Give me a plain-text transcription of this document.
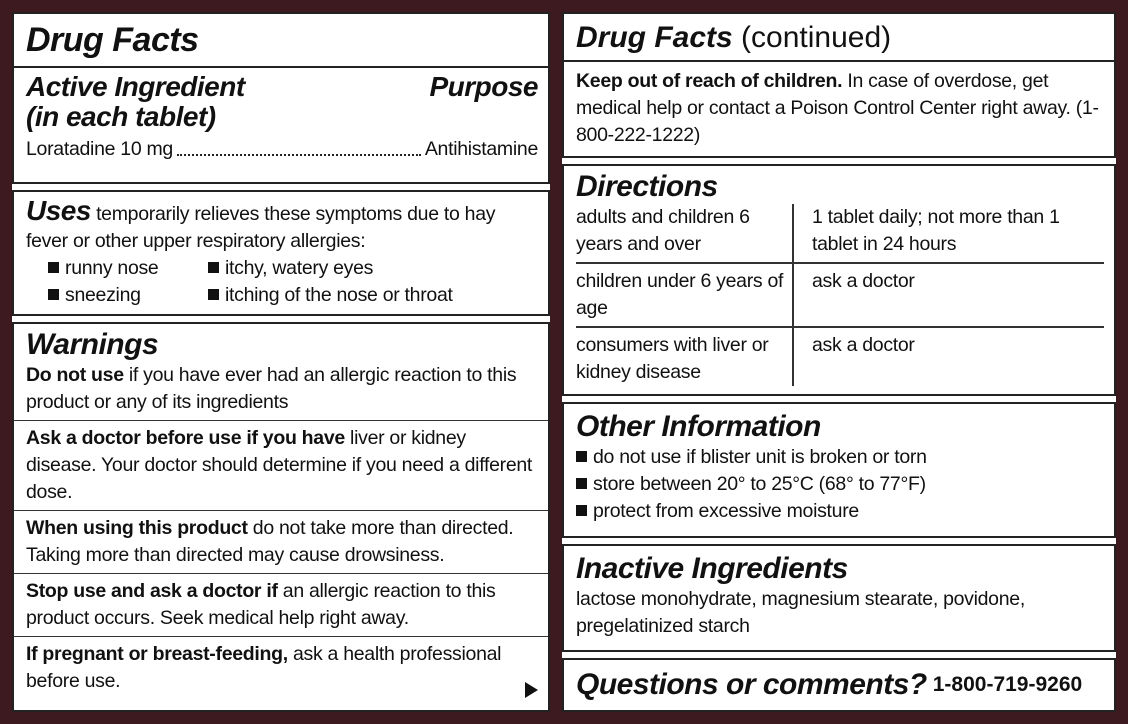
Drug Facts
Active Ingredient	Purpose
(in each tablet)
Loratadine 10 mg	Antihistamine
Uses temporarily relieves these symptoms due to hay fever or other upper respiratory allergies:
runny nose	itchy, watery eyes
sneezing	itching of the nose or throat
Warnings
Do not use if you have ever had an allergic reaction to this product or any of its ingredients
Ask a doctor before use if you have liver or kidney disease. Your doctor should determine if you need a different dose.
When using this product do not take more than directed. Taking more than directed may cause drowsiness.
Stop use and ask a doctor if an allergic reaction to this product occurs. Seek medical help right away.
If pregnant or breast-feeding, ask a health professional before use.
Drug Facts (continued)
Keep out of reach of children. In case of overdose, get medical help or contact a Poison Control Center right away. (1-800-222-1222)
Directions
adults and children 6 years and over	1 tablet daily; not more than 1 tablet in 24 hours
children under 6 years of age	ask a doctor
consumers with liver or kidney disease	ask a doctor
Other Information
do not use if blister unit is broken or torn
store between 20° to 25°C (68° to 77°F)
protect from excessive moisture
Inactive Ingredients
lactose monohydrate, magnesium stearate, povidone, pregelatinized starch
Questions or comments? 1-800-719-9260
